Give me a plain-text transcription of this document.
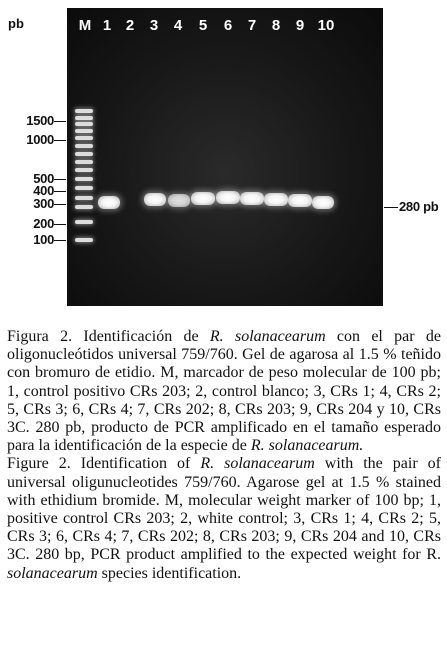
pb	M 1 2	3	4	5	6	7	8	9 10
1500
1000
500
400
300
200
100
280 pb

Figura 2. Identificación de R. solanacearum con el par de oligonucleótidos universal 759/760. Gel de agarosa al 1.5 % teñido con bromuro de etidio. M, marcador de peso molecular de 100 pb; 1, control positivo CRs 203; 2, control blanco; 3, CRs 1; 4, CRs 2; 5, CRs 3; 6, CRs 4; 7, CRs 202; 8, CRs 203; 9, CRs 204 y 10, CRs 3C. 280 pb, producto de PCR amplificado en el tamaño esperado para la identificación de la especie de R. solanacearum.

Figure 2. Identification of R. solanacearum with the pair of universal oligunucleotides 759/760. Agarose gel at 1.5 % stained with ethidium bromide. M, molecular weight marker of 100 bp; 1, positive control CRs 203; 2, white control; 3, CRs 1; 4, CRs 2; 5, CRs 3; 6, CRs 4; 7, CRs 202; 8, CRs 203; 9, CRs 204 and 10, CRs 3C. 280 bp, PCR product amplified to the expected weight for R. solanacearum species identification.
